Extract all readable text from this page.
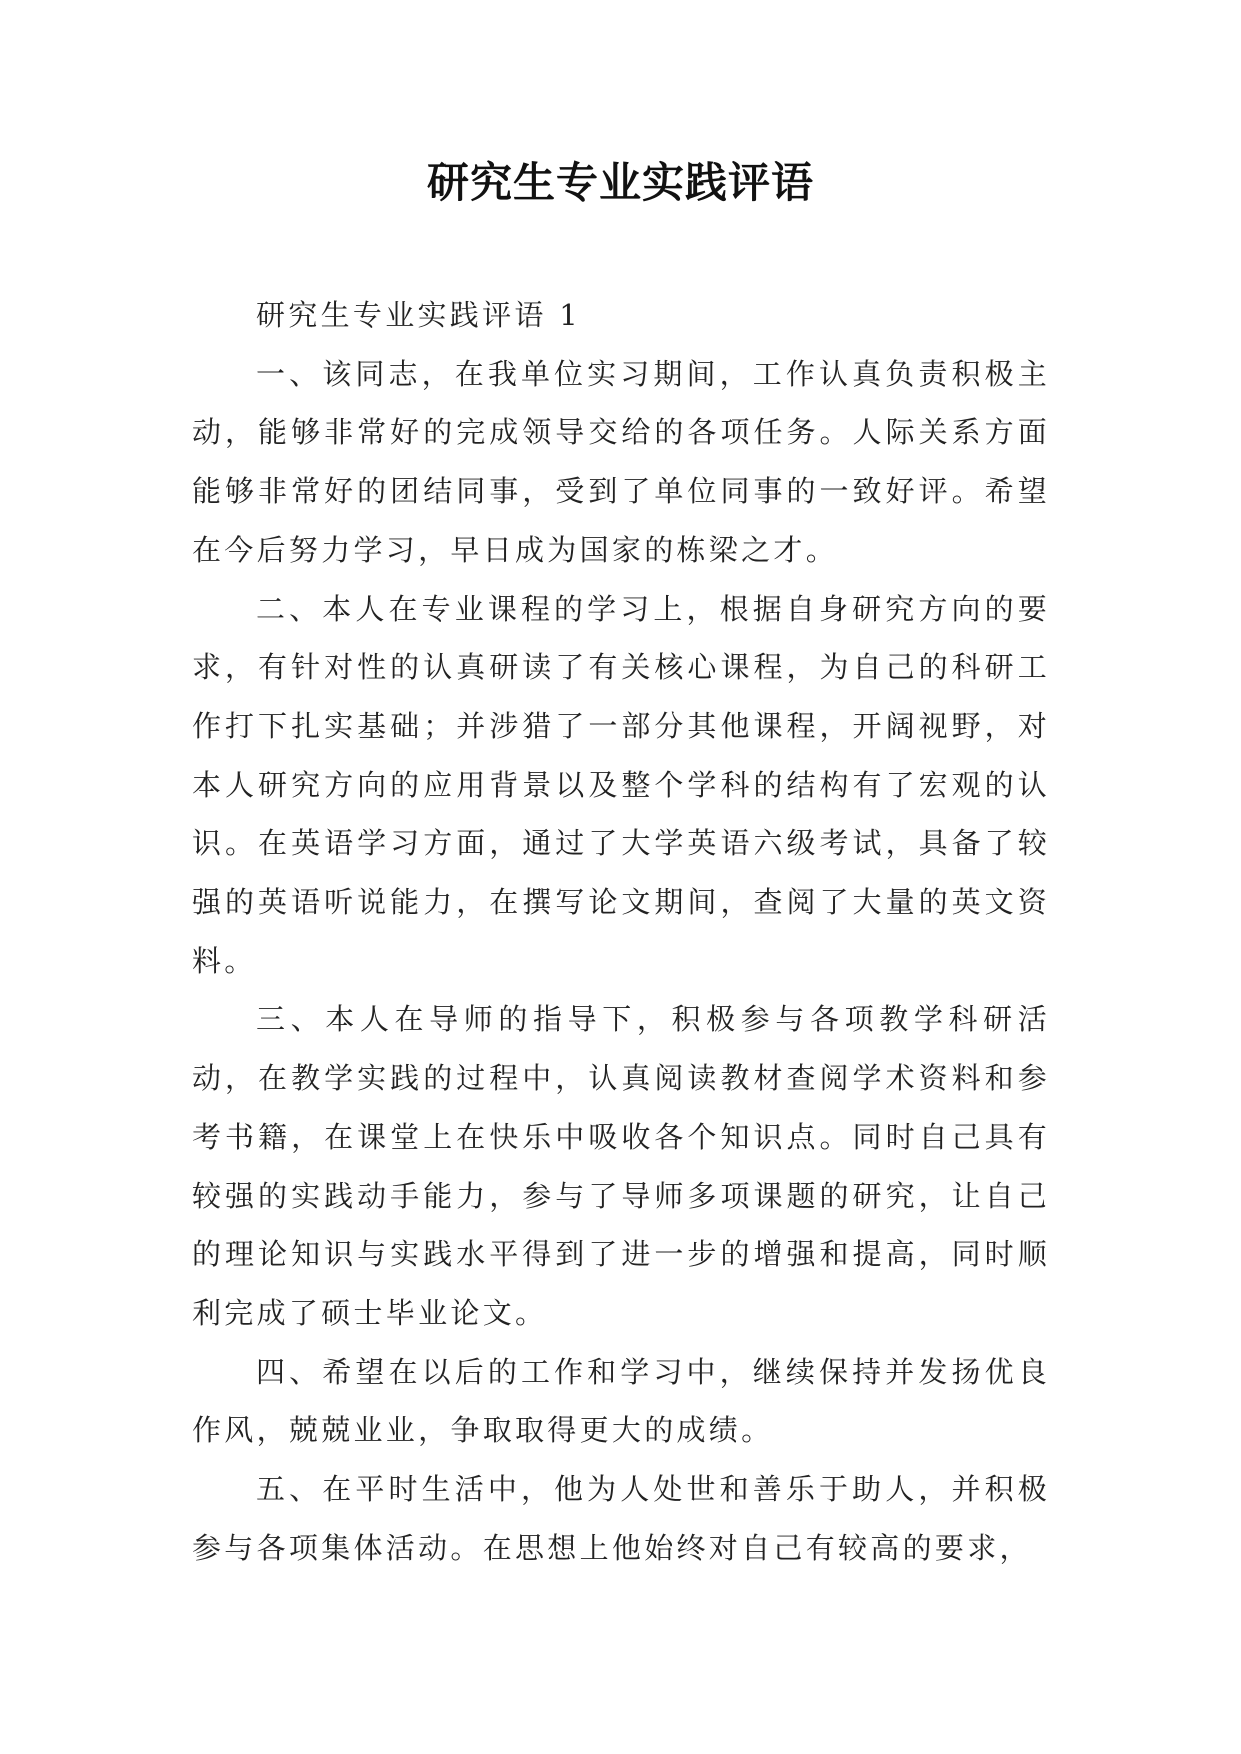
研究生专业实践评语

研究生专业实践评语 1

一、该同志，在我单位实习期间，工作认真负责积极主动，能够非常好的完成领导交给的各项任务。人际关系方面能够非常好的团结同事，受到了单位同事的一致好评。希望在今后努力学习，早日成为国家的栋梁之才。

二、本人在专业课程的学习上，根据自身研究方向的要求，有针对性的认真研读了有关核心课程，为自己的科研工作打下扎实基础；并涉猎了一部分其他课程，开阔视野，对本人研究方向的应用背景以及整个学科的结构有了宏观的认识。在英语学习方面，通过了大学英语六级考试，具备了较强的英语听说能力，在撰写论文期间，查阅了大量的英文资料。

三、本人在导师的指导下，积极参与各项教学科研活动，在教学实践的过程中，认真阅读教材查阅学术资料和参考书籍，在课堂上在快乐中吸收各个知识点。同时自己具有较强的实践动手能力，参与了导师多项课题的研究，让自己的理论知识与实践水平得到了进一步的增强和提高，同时顺利完成了硕士毕业论文。

四、希望在以后的工作和学习中，继续保持并发扬优良作风，兢兢业业，争取取得更大的成绩。

五、在平时生活中，他为人处世和善乐于助人，并积极参与各项集体活动。在思想上他始终对自己有较高的要求，
